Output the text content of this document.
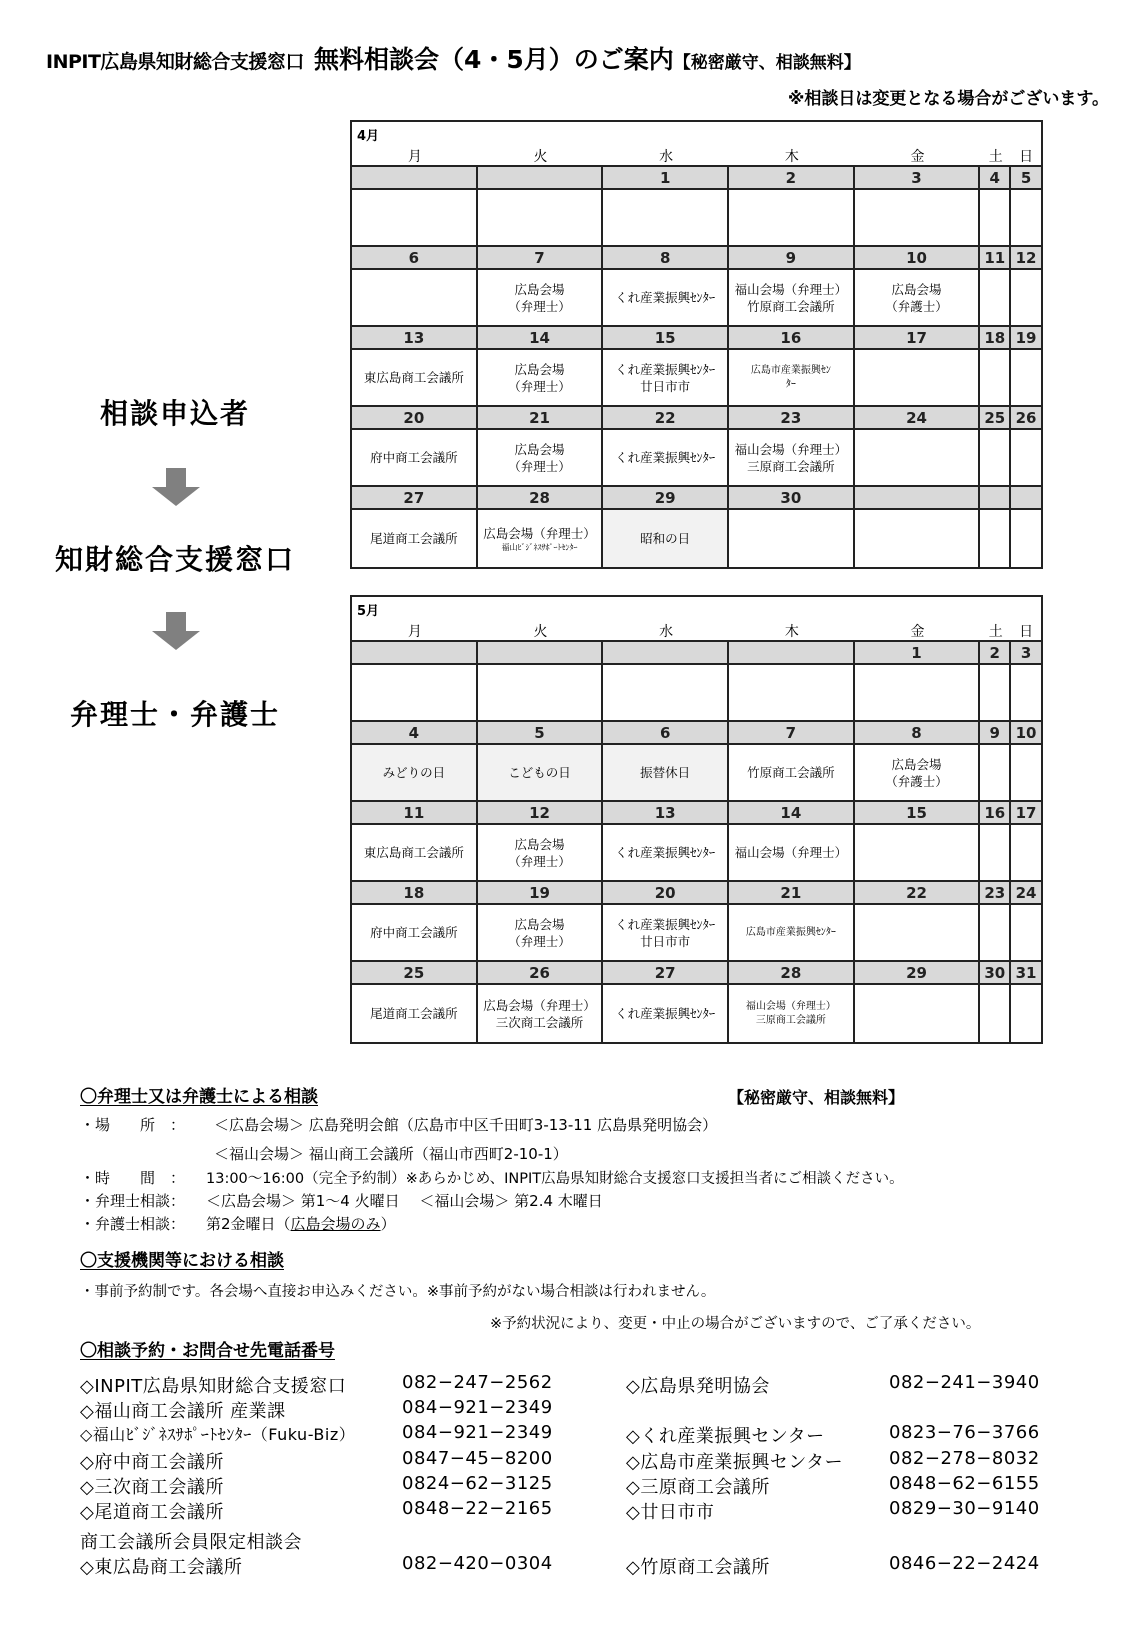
INPIT広島県知財総合支援窓口 無料相談会（4・5月）のご案内【秘密厳守、相談無料】
※相談日は変更となる場合がございます。
相談申込者
知財総合支援窓口
弁理士・弁護士
4月
月	火	水	木	金	土	日
1	2	3	4	5
6	7	8	9	10	11 12
広島会場
（弁理士）
くれ産業振興ｾﾝﾀｰ
福山会場（弁理士）
竹原商工会議所
広島会場
（弁護士）
13	14	15	16	17	18 19
東広島商工会議所
広島会場
（弁理士）
くれ産業振興ｾﾝﾀｰ
廿日市市
広島市産業振興ｾﾝ
ﾀｰ
20	21	22	23	24	25 26
府中商工会議所
広島会場
（弁理士）
くれ産業振興ｾﾝﾀｰ
福山会場（弁理士）
三原商工会議所
27	28	29	30
尾道商工会議所 広島会場（弁理士）
福山ﾋﾞｼﾞﾈｽｻﾎﾟｰﾄｾﾝﾀｰ
昭和の日
5月
月	火	水	木	金	土	日
1	2	3
4	5	6	7	8	9	10
みどりの日	こどもの日	振替休日	竹原商工会議所
広島会場
（弁護士）
11	12	13	14	15	16 17
東広島商工会議所
広島会場
（弁理士）
くれ産業振興ｾﾝﾀｰ 福山会場（弁理士）
18	19	20	21	22	23 24
府中商工会議所
広島会場
（弁理士）
くれ産業振興ｾﾝﾀｰ
廿日市市
広島市産業振興ｾﾝﾀｰ
25	26	27	28	29	30 31
尾道商工会議所
広島会場（弁理士）
三次商工会議所
くれ産業振興ｾﾝﾀｰ	福山会場（弁理士）
三原商工会議所
〇弁理士又は弁護士による相談	【秘密厳守、相談無料】
・場　　所　： ＜広島会場＞ 広島発明会館（広島市中区千田町3-13-11 広島県発明協会）
＜福山会場＞ 福山商工会議所（福山市西町2-10-1）
・時　　間　： 13:00～16:00（完全予約制）※あらかじめ、INPIT広島県知財総合支援窓口支援担当者にご相談ください。
・弁理士相談： ＜広島会場＞ 第1～4 火曜日　 ＜福山会場＞ 第2.4 木曜日
・弁護士相談： 第2金曜日（広島会場のみ）
〇支援機関等における相談
・事前予約制です。各会場へ直接お申込みください。※事前予約がない場合相談は行われません。
※予約状況により、変更・中止の場合がございますので、ご了承ください。
〇相談予約・お問合せ先電話番号
◇INPIT広島県知財総合支援窓口	082−247−2562	◇広島県発明協会	082−241−3940
◇福山商工会議所 産業課	084−921−2349
◇福山ﾋﾞｼﾞﾈｽｻﾎﾟｰﾄｾﾝﾀｰ（Fuku-Biz）	084−921−2349	◇くれ産業振興センター	0823−76−3766
◇府中商工会議所	0847−45−8200	◇広島市産業振興センター	082−278−8032
◇三次商工会議所	0824−62−3125	◇三原商工会議所	0848−62−6155
◇尾道商工会議所	0848−22−2165	◇廿日市市	0829−30−9140
商工会議所会員限定相談会
◇東広島商工会議所	082−420−0304	◇竹原商工会議所	0846−22−2424
